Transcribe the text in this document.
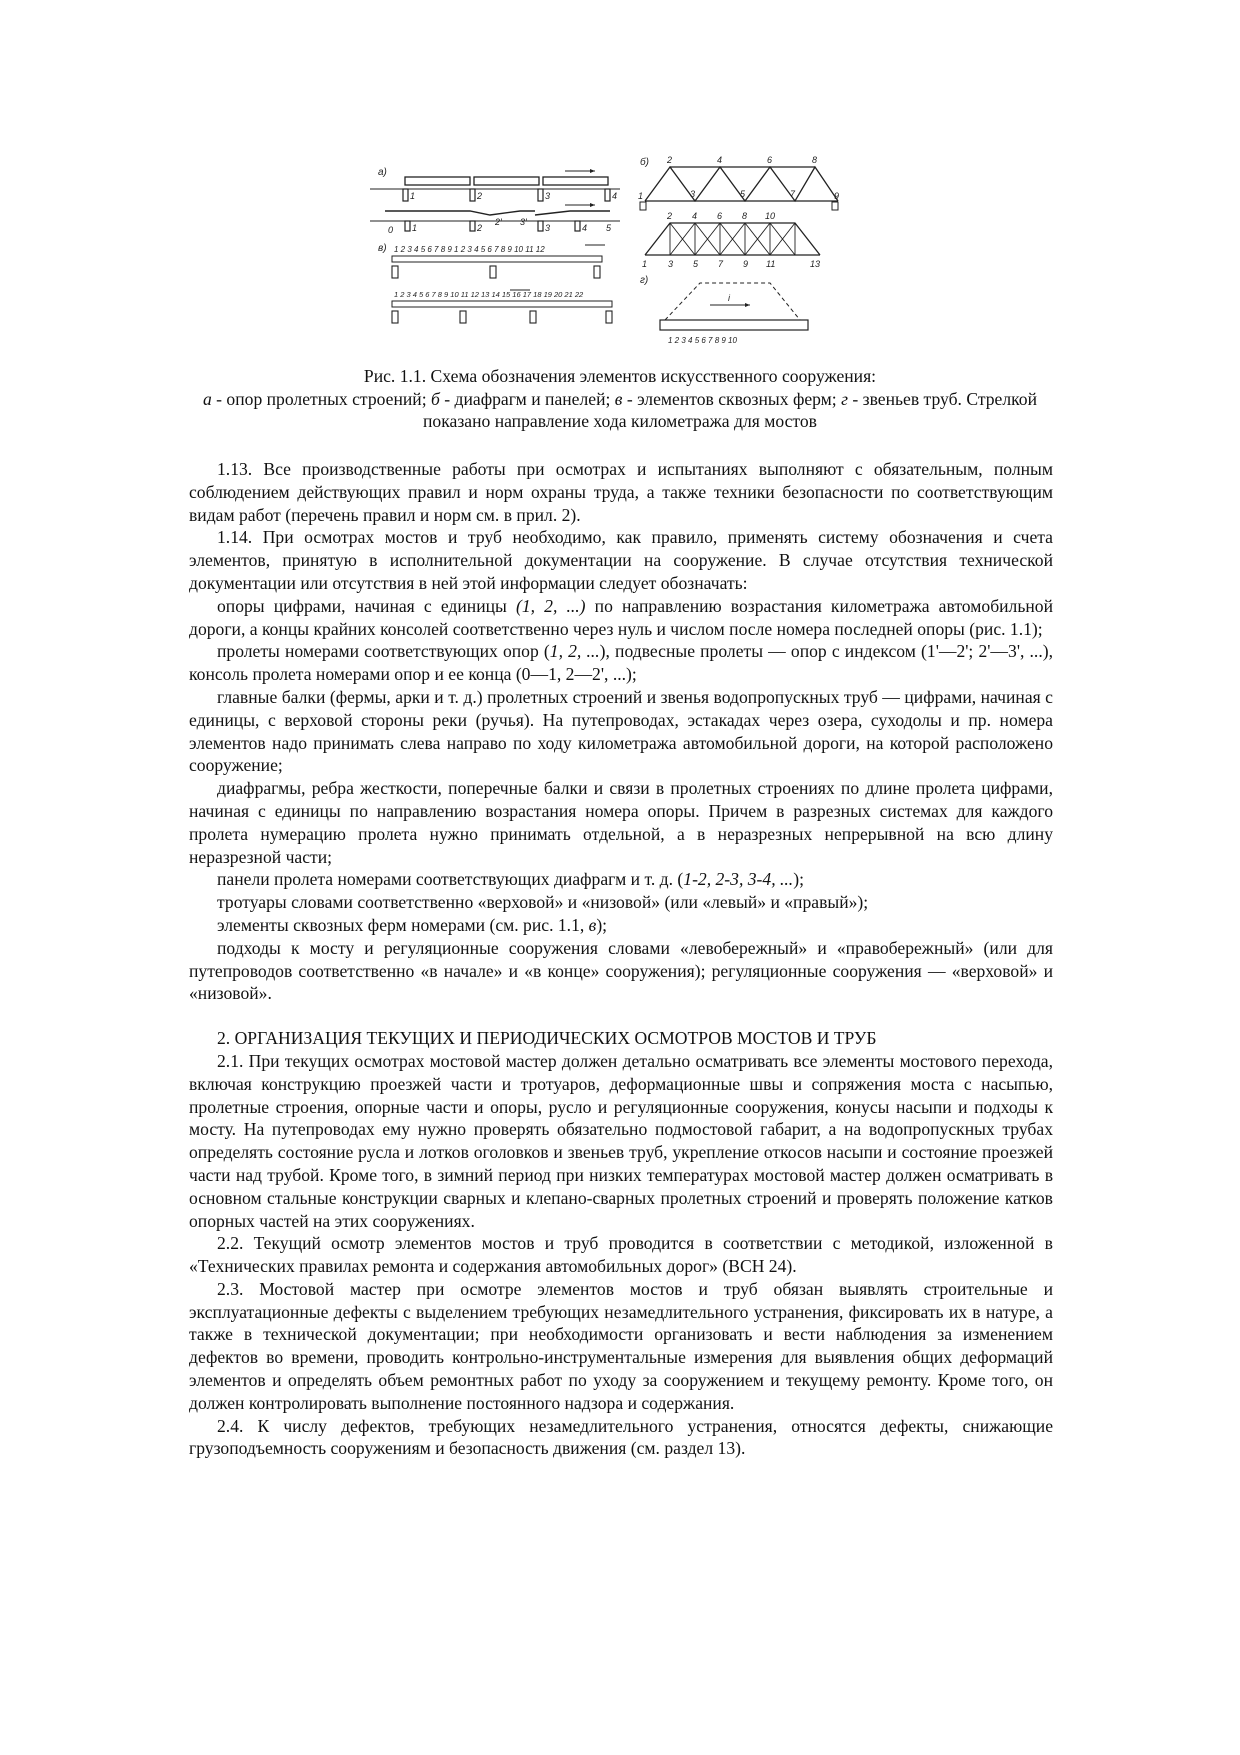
а)
1	2	3	4
0 1	2
2' 3'
3	4 5
в) 1 2 3 4 5 6 7 8 9 1 2 3 4 5 6 7 8 9 10 11 12
1 2 3 4 5 6 7 8 9 10 11 12 13 14 15 16 17 18 19 20 21 22
б) 2	4	6	8
1	3	5	7	9
2 4 6 8 10
1 3 5 7 9 11	13
г)
i
1 2 3 4 5 6 7 8 9 10
Рис. 1.1. Схема обозначения элементов искусственного сооружения:
а - опор пролетных строений; б - диафрагм и панелей; в - элементов сквозных ферм; г - звеньев труб. Стрелкой показано направление хода километража для мостов

1.13. Все производственные работы при осмотрах и испытаниях выполняют с обязательным, полным соблюдением действующих правил и норм охраны труда, а также техники безопасности по соответствующим видам работ (перечень правил и норм см. в прил. 2).

1.14. При осмотрах мостов и труб необходимо, как правило, применять систему обозначения и счета элементов, принятую в исполнительной документации на сооружение. В случае отсутствия технической документации или отсутствия в ней этой информации следует обозначать:

опоры цифрами, начиная с единицы (1, 2, ...) по направлению возрастания километража автомобильной дороги, а концы крайних консолей соответственно через нуль и числом после номера последней опоры (рис. 1.1);

пролеты номерами соответствующих опор (1, 2, ...), подвесные пролеты — опор с индексом (1'—2'; 2'—3', ...), консоль пролета номерами опор и ее конца (0—1, 2—2', ...);

главные балки (фермы, арки и т. д.) пролетных строений и звенья водопропускных труб — цифрами, начиная с единицы, с верховой стороны реки (ручья). На путепроводах, эстакадах через озера, суходолы и пр. номера элементов надо принимать слева направо по ходу километража автомобильной дороги, на которой расположено сооружение;

диафрагмы, ребра жесткости, поперечные балки и связи в пролетных строениях по длине пролета цифрами, начиная с единицы по направлению возрастания номера опоры. Причем в разрезных системах для каждого пролета нумерацию пролета нужно принимать отдельной, а в неразрезных непрерывной на всю длину неразрезной части;

панели пролета номерами соответствующих диафрагм и т. д. (1-2, 2-3, 3-4, ...);

тротуары словами соответственно «верховой» и «низовой» (или «левый» и «правый»);

элементы сквозных ферм номерами (см. рис. 1.1, в);

подходы к мосту и регуляционные сооружения словами «левобережный» и «правобережный» (или для путепроводов соответственно «в начале» и «в конце» сооружения); регуляционные сооружения — «верховой» и «низовой».

2. ОРГАНИЗАЦИЯ ТЕКУЩИХ И ПЕРИОДИЧЕСКИХ ОСМОТРОВ МОСТОВ И ТРУБ

2.1. При текущих осмотрах мостовой мастер должен детально осматривать все элементы мостового перехода, включая конструкцию проезжей части и тротуаров, деформационные швы и сопряжения моста с насыпью, пролетные строения, опорные части и опоры, русло и регуляционные сооружения, конусы насыпи и подходы к мосту. На путепроводах ему нужно проверять обязательно подмостовой габарит, а на водопропускных трубах определять состояние русла и лотков оголовков и звеньев труб, укрепление откосов насыпи и состояние проезжей части над трубой. Кроме того, в зимний период при низких температурах мостовой мастер должен осматривать в основном стальные конструкции сварных и клепано-сварных пролетных строений и проверять положение катков опорных частей на этих сооружениях.

2.2. Текущий осмотр элементов мостов и труб проводится в соответствии с методикой, изложенной в «Технических правилах ремонта и содержания автомобильных дорог» (ВСН 24).

2.3. Мостовой мастер при осмотре элементов мостов и труб обязан выявлять строительные и эксплуатационные дефекты с выделением требующих незамедлительного устранения, фиксировать их в натуре, а также в технической документации; при необходимости организовать и вести наблюдения за изменением дефектов во времени, проводить контрольно-инструментальные измерения для выявления общих деформаций элементов и определять объем ремонтных работ по уходу за сооружением и текущему ремонту. Кроме того, он должен контролировать выполнение постоянного надзора и содержания.

2.4. К числу дефектов, требующих незамедлительного устранения, относятся дефекты, снижающие грузоподъемность сооружениям и безопасность движения (см. раздел 13).
